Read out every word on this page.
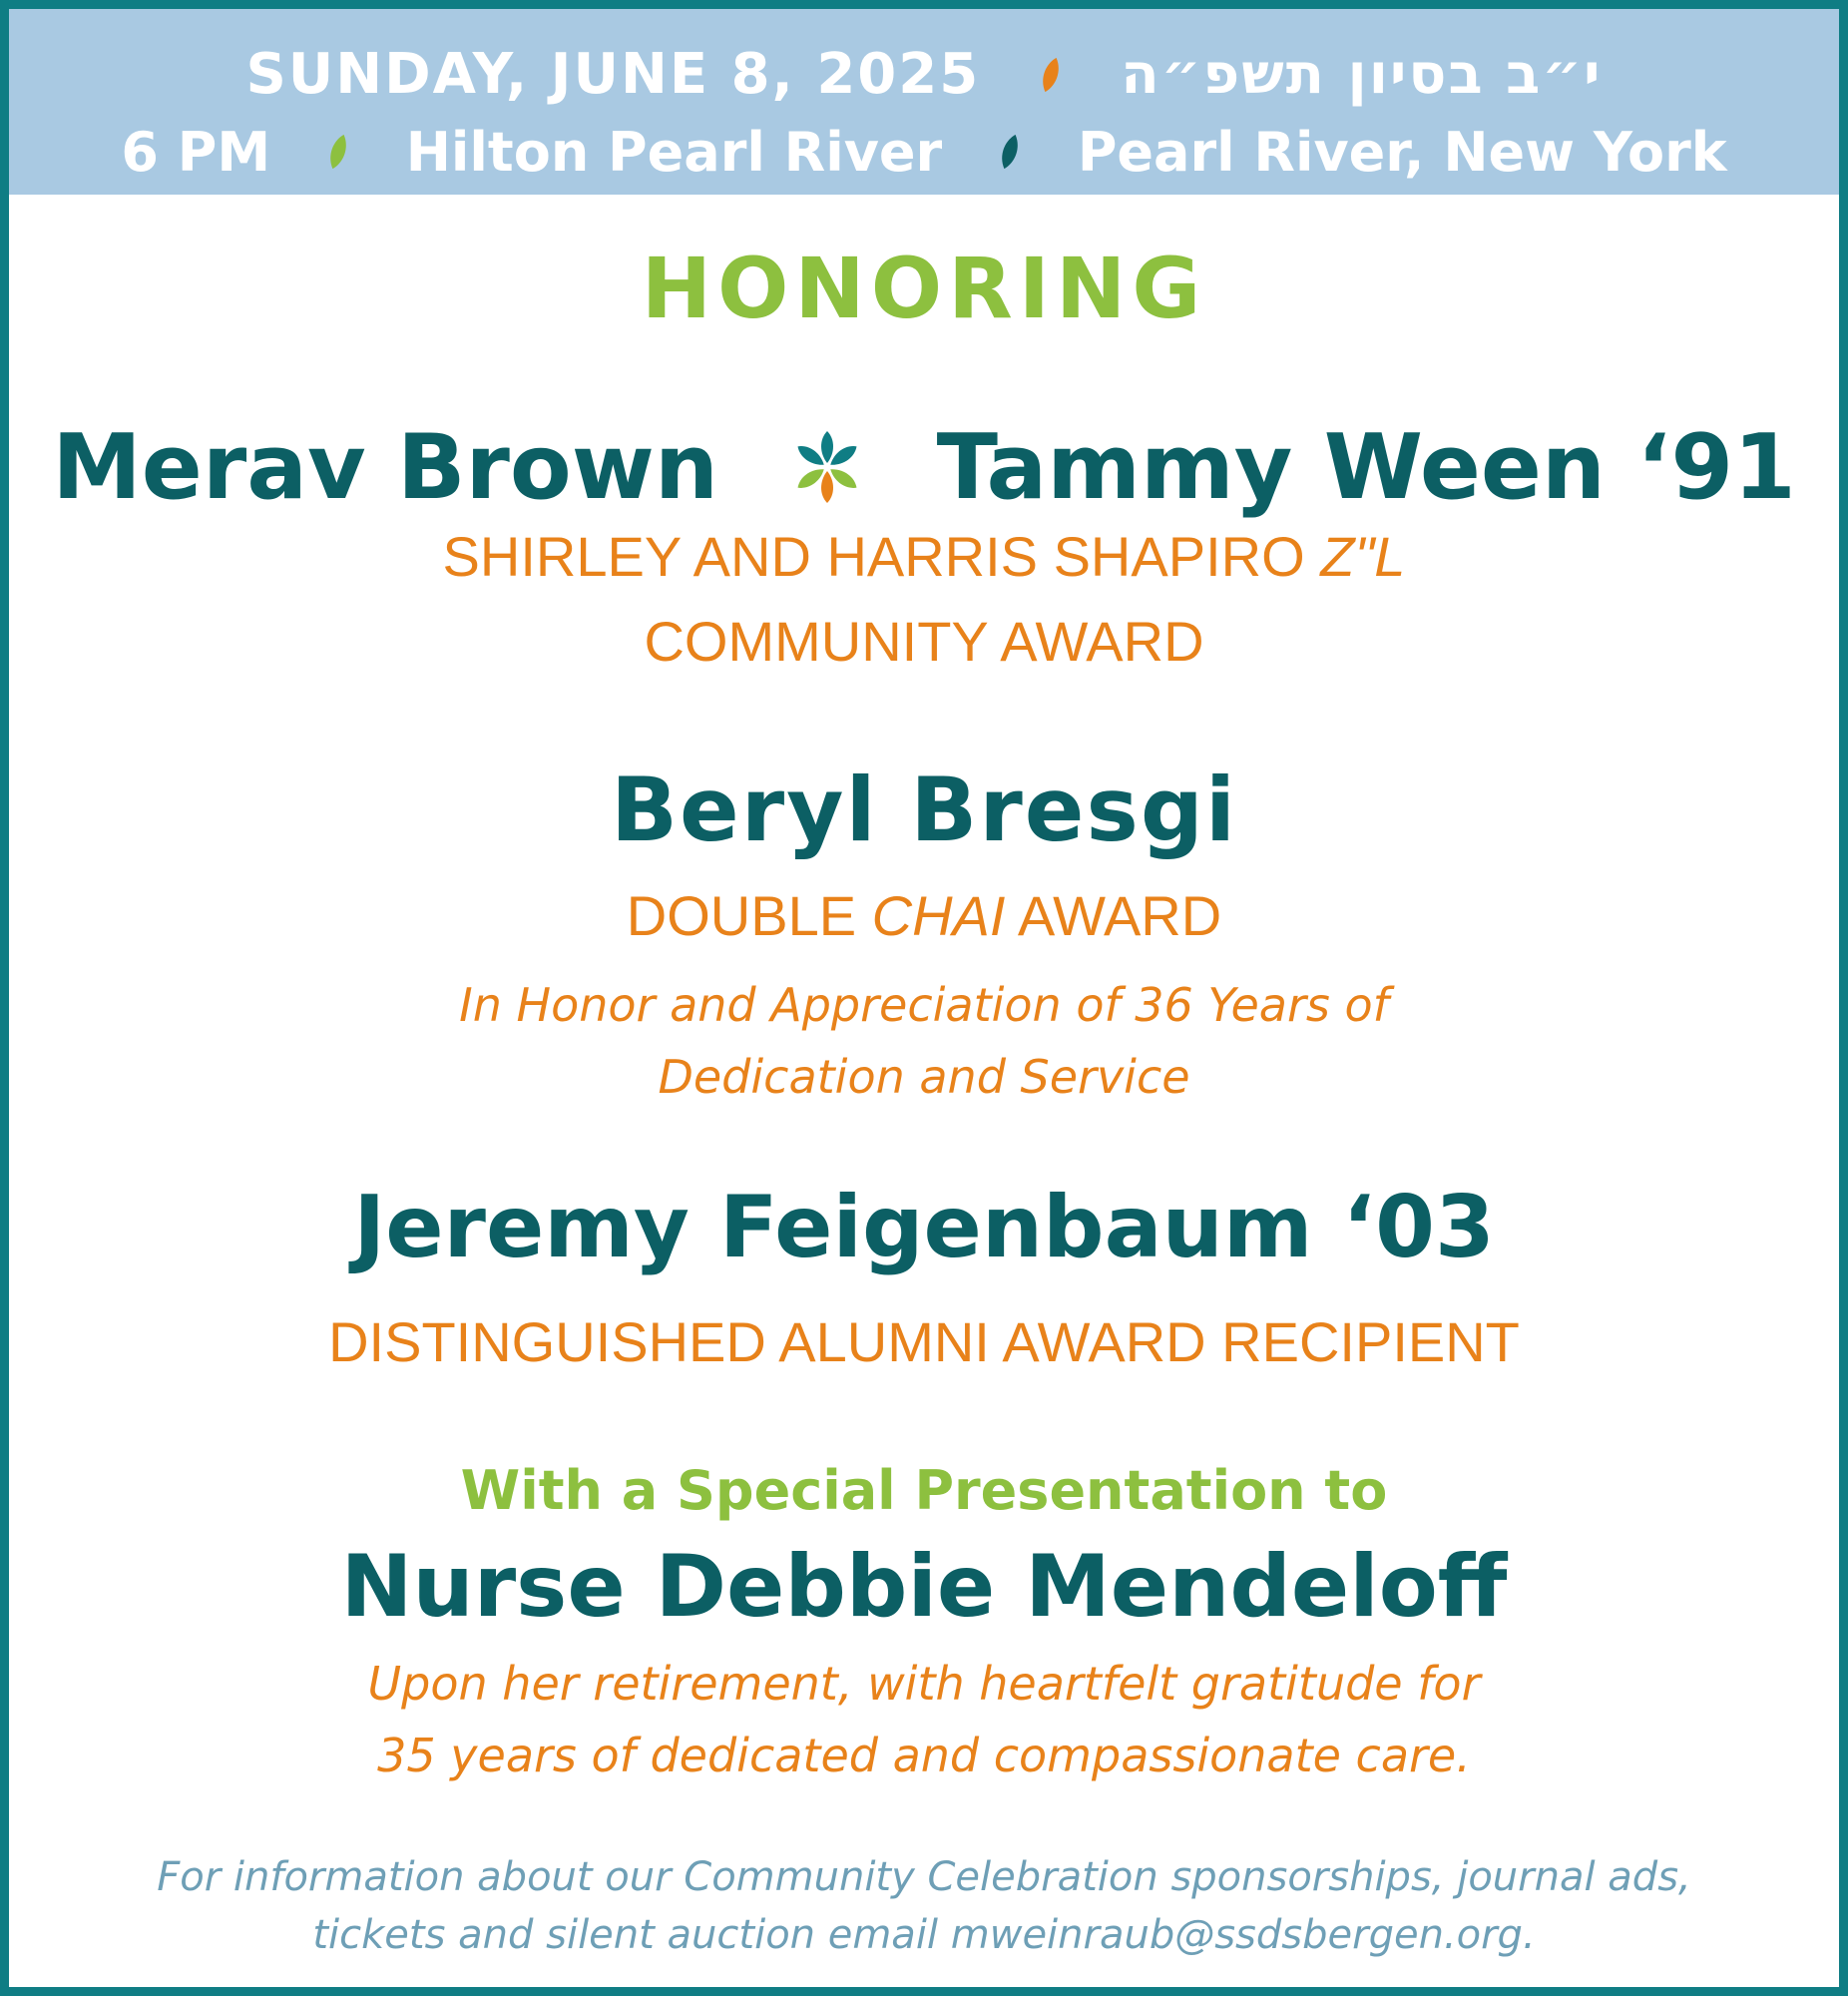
SUNDAY, JUNE 8, 2025	י״ב בסיון תשפ״ה
6 PM	Hilton Pearl River	Pearl River, New York
HONORING
Merav Brown Tammy Ween ‘91
SHIRLEY AND HARRIS SHAPIRO Z"L
COMMUNITY AWARD
Beryl Bresgi
DOUBLE CHAI AWARD
In Honor and Appreciation of 36 Years of
Dedication and Service
Jeremy Feigenbaum ‘03
DISTINGUISHED ALUMNI AWARD RECIPIENT
With a Special Presentation to
Nurse Debbie Mendeloff
Upon her retirement, with heartfelt gratitude for
35 years of dedicated and compassionate care.
For information about our Community Celebration sponsorships, journal ads,
tickets and silent auction email mweinraub@ssdsbergen.org.
